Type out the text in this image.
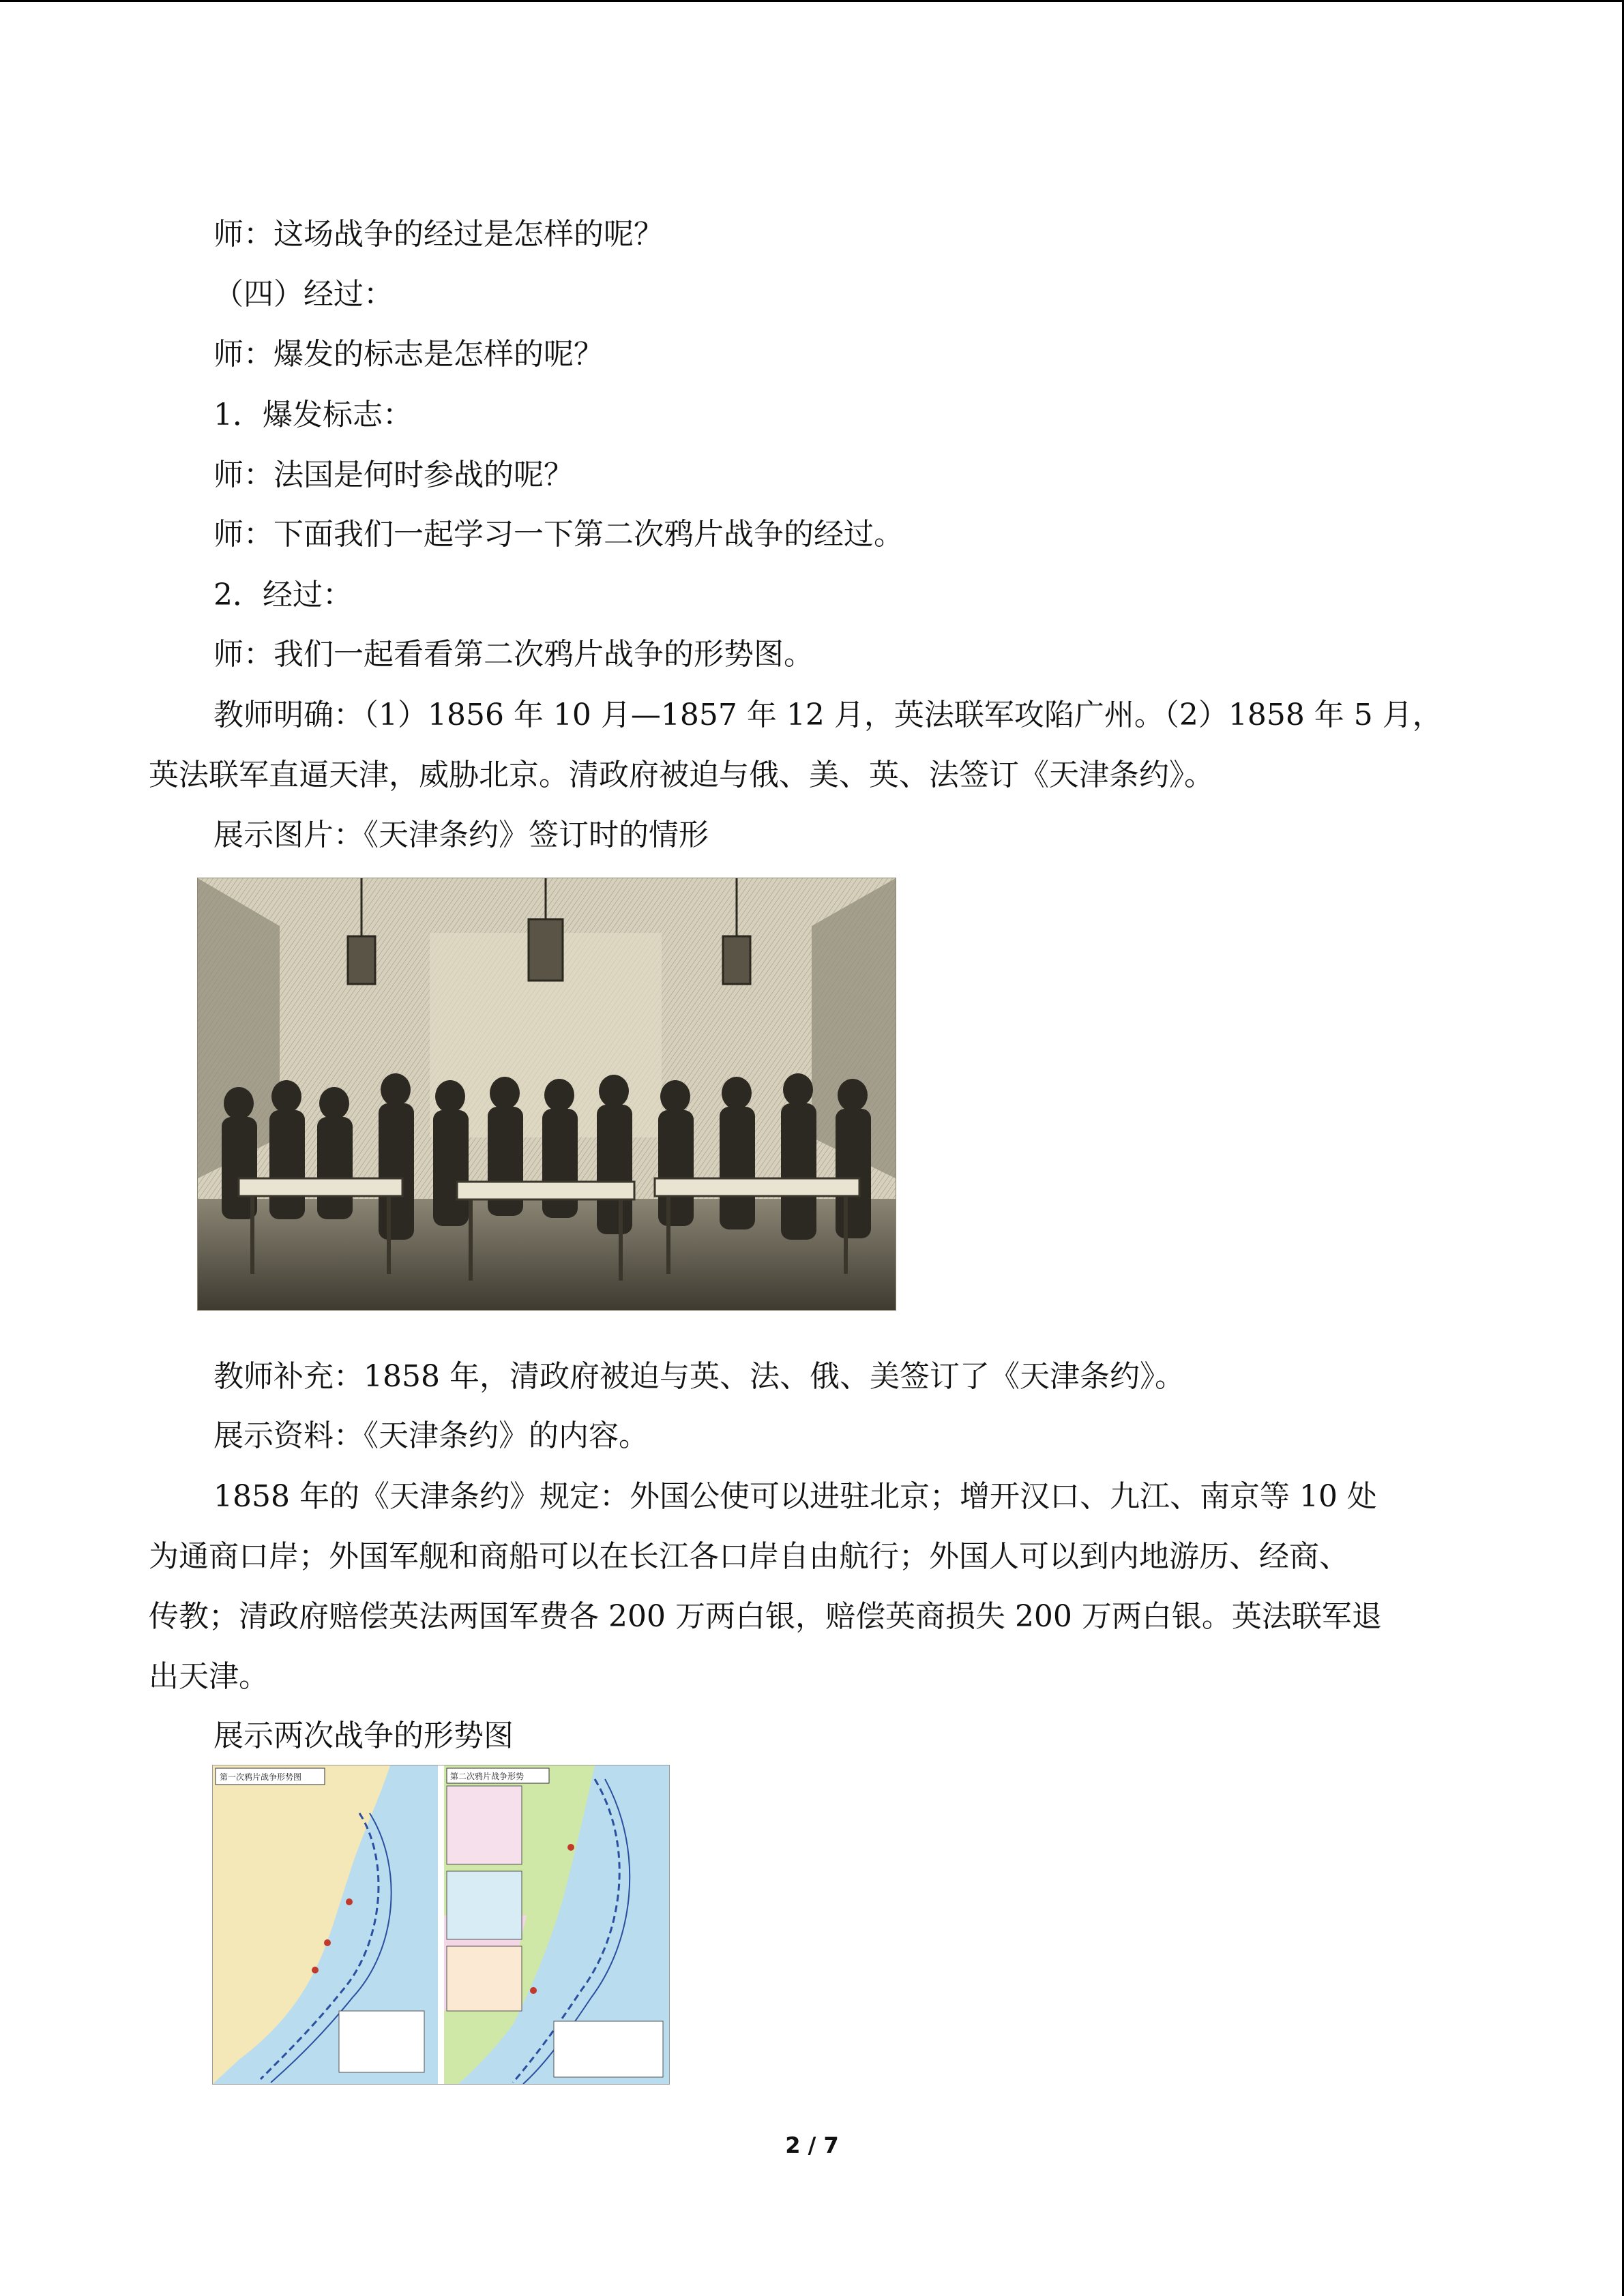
师：这场战争的经过是怎样的呢？
（四）经过：
师：爆发的标志是怎样的呢？
1．爆发标志：
师：法国是何时参战的呢？
师：下面我们一起学习一下第二次鸦片战争的经过。
2．经过：
师：我们一起看看第二次鸦片战争的形势图。
教师明确：（1）1856 年 10 月—1857 年 12 月，英法联军攻陷广州。（2）1858 年 5 月，
英法联军直逼天津，威胁北京。清政府被迫与俄、美、英、法签订《天津条约》。
展示图片：《天津条约》签订时的情形
教师补充：1858 年，清政府被迫与英、法、俄、美签订了《天津条约》。
展示资料：《天津条约》的内容。
1858 年的《天津条约》规定：外国公使可以进驻北京；增开汉口、九江、南京等 10 处
为通商口岸；外国军舰和商船可以在长江各口岸自由航行；外国人可以到内地游历、经商、
传教；清政府赔偿英法两国军费各 200 万两白银，赔偿英商损失 200 万两白银。英法联军退
出天津。
展示两次战争的形势图
第一次鸦片战争形势图	第二次鸦片战争形势
2 / 7
